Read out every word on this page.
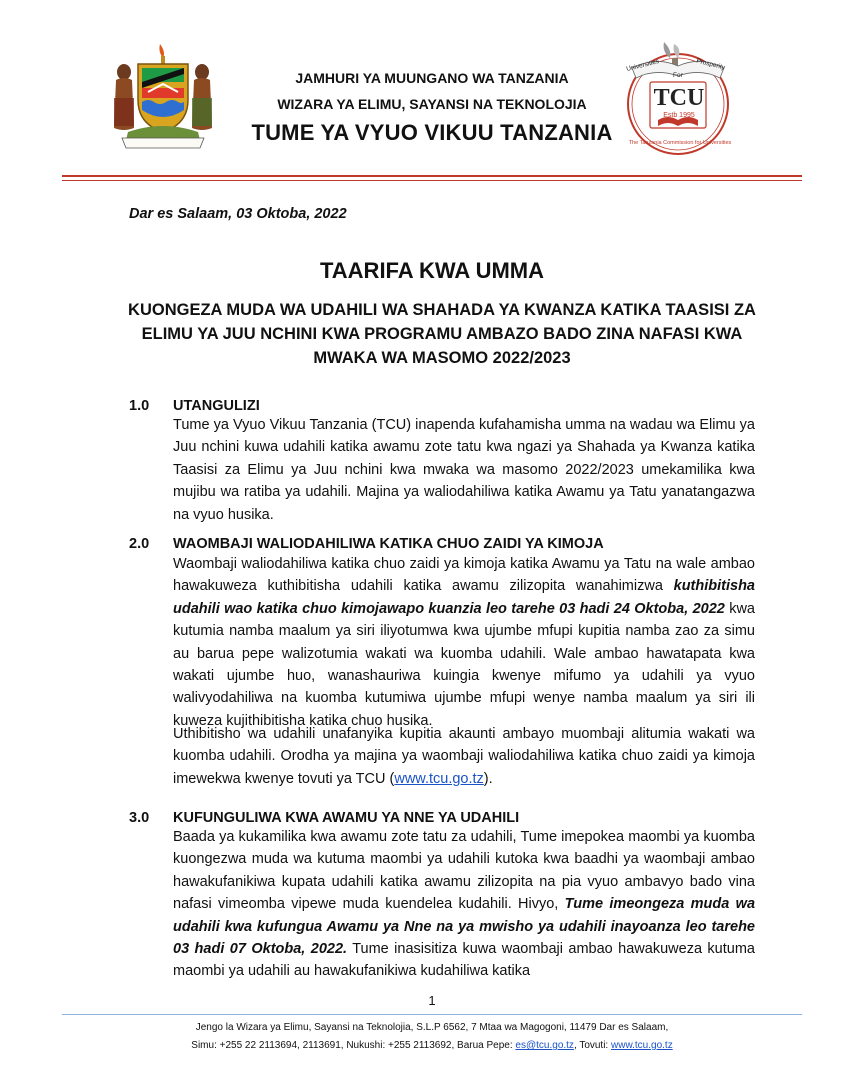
TCU
Estb 1995
Universities
For
Prosperity
The Tanzania Commission for Universities
JAMHURI YA MUUNGANO WA TANZANIA
WIZARA YA ELIMU, SAYANSI NA TEKNOLOJIA
TUME YA VYUO VIKUU TANZANIA
Dar es Salaam, 03 Oktoba, 2022
TAARIFA KWA UMMA
KUONGEZA MUDA WA UDAHILI WA SHAHADA YA KWANZA KATIKA TAASISI ZA ELIMU YA JUU NCHINI KWA PROGRAMU AMBAZO BADO ZINA NAFASI KWA MWAKA WA MASOMO 2022/2023
1.0 UTANGULIZI
Tume ya Vyuo Vikuu Tanzania (TCU) inapenda kufahamisha umma na wadau wa Elimu ya Juu nchini kuwa udahili katika awamu zote tatu kwa ngazi ya Shahada ya Kwanza katika Taasisi za Elimu ya Juu nchini kwa mwaka wa masomo 2022/2023 umekamilika kwa mujibu wa ratiba ya udahili. Majina ya waliodahiliwa katika Awamu ya Tatu yanatangazwa na vyuo husika.
2.0 WAOMBAJI WALIODAHILIWA KATIKA CHUO ZAIDI YA KIMOJA
Waombaji waliodahiliwa katika chuo zaidi ya kimoja katika Awamu ya Tatu na wale ambao hawakuweza kuthibitisha udahili katika awamu zilizopita wanahimizwa kuthibitisha udahili wao katika chuo kimojawapo kuanzia leo tarehe 03 hadi 24 Oktoba, 2022 kwa kutumia namba maalum ya siri iliyotumwa kwa ujumbe mfupi kupitia namba zao za simu au barua pepe walizotumia wakati wa kuomba udahili. Wale ambao hawatapata kwa wakati ujumbe huo, wanashauriwa kuingia kwenye mifumo ya udahili ya vyuo walivyodahiliwa na kuomba kutumiwa ujumbe mfupi wenye namba maalum ya siri ili kuweza kujithibitisha katika chuo husika.
Uthibitisho wa udahili unafanyika kupitia akaunti ambayo muombaji alitumia wakati wa kuomba udahili. Orodha ya majina ya waombaji waliodahiliwa katika chuo zaidi ya kimoja imewekwa kwenye tovuti ya TCU (www.tcu.go.tz).
3.0 KUFUNGULIWA KWA AWAMU YA NNE YA UDAHILI
Baada ya kukamilika kwa awamu zote tatu za udahili, Tume imepokea maombi ya kuomba kuongezwa muda wa kutuma maombi ya udahili kutoka kwa baadhi ya waombaji ambao hawakufanikiwa kupata udahili katika awamu zilizopita na pia vyuo ambavyo bado vina nafasi vimeomba vipewe muda kuendelea kudahili. Hivyo, Tume imeongeza muda wa udahili kwa kufungua Awamu ya Nne na ya mwisho ya udahili inayoanza leo tarehe 03 hadi 07 Oktoba, 2022. Tume inasisitiza kuwa waombaji ambao hawakuweza kutuma maombi ya udahili au hawakufanikiwa kudahiliwa katika
1
Jengo la Wizara ya Elimu, Sayansi na Teknolojia, S.L.P 6562, 7 Mtaa wa Magogoni, 11479 Dar es Salaam,
Simu: +255 22 2113694, 2113691, Nukushi: +255 2113692, Barua Pepe: es@tcu.go.tz, Tovuti: www.tcu.go.tz
